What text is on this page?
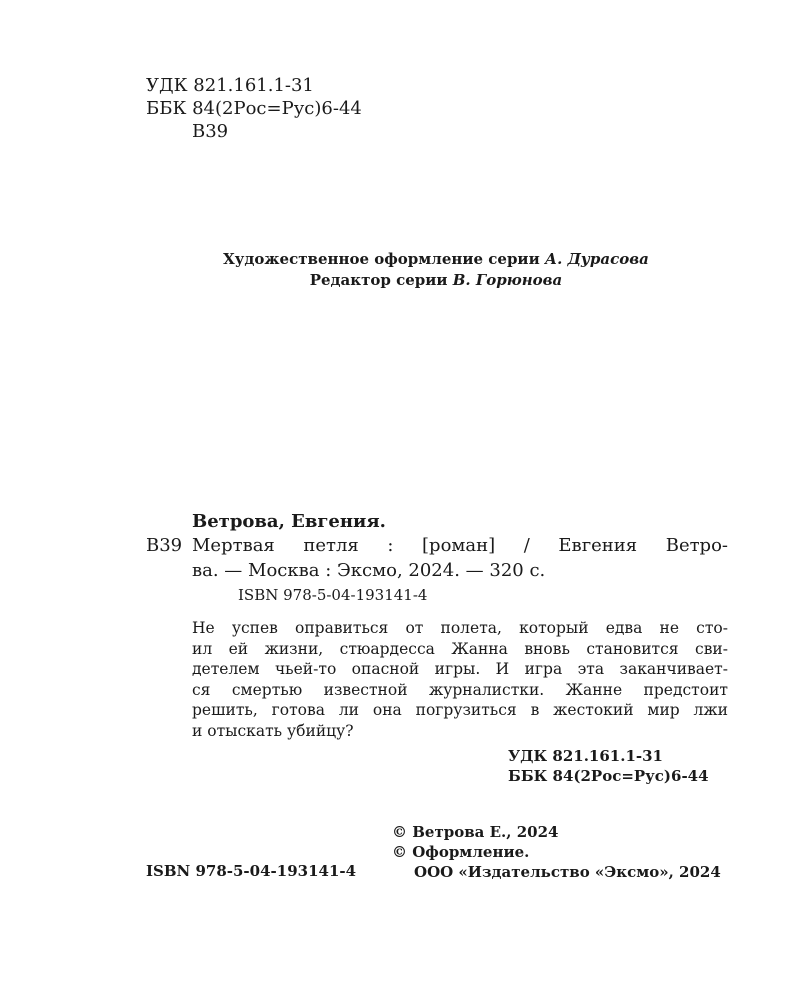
УДК 821.161.1-31
ББК 84(2Рос=Рус)6-44
В39
Художественное оформление серии А. Дурасова
Редактор серии В. Горюнова
Ветрова, Евгения.
В39 Мертвая петля : [роман] / Евгения Ветро-
ва. — Москва : Эксмо, 2024. — 320 с.
ISBN 978-5-04-193141-4
Не успев оправиться от полета, который едва не сто-
ил ей жизни, стюардесса Жанна вновь становится сви-
детелем чьей-то опасной игры. И игра эта заканчивает-
ся смертью известной журналистки. Жанне предстоит
решить, готова ли она погрузиться в жестокий мир лжи
и отыскать убийцу?
УДК 821.161.1-31
ББК 84(2Рос=Рус)6-44
© Ветрова Е., 2024
© Оформление.
ООО «Издательство «Эксмо», 2024
ISBN 978-5-04-193141-4
